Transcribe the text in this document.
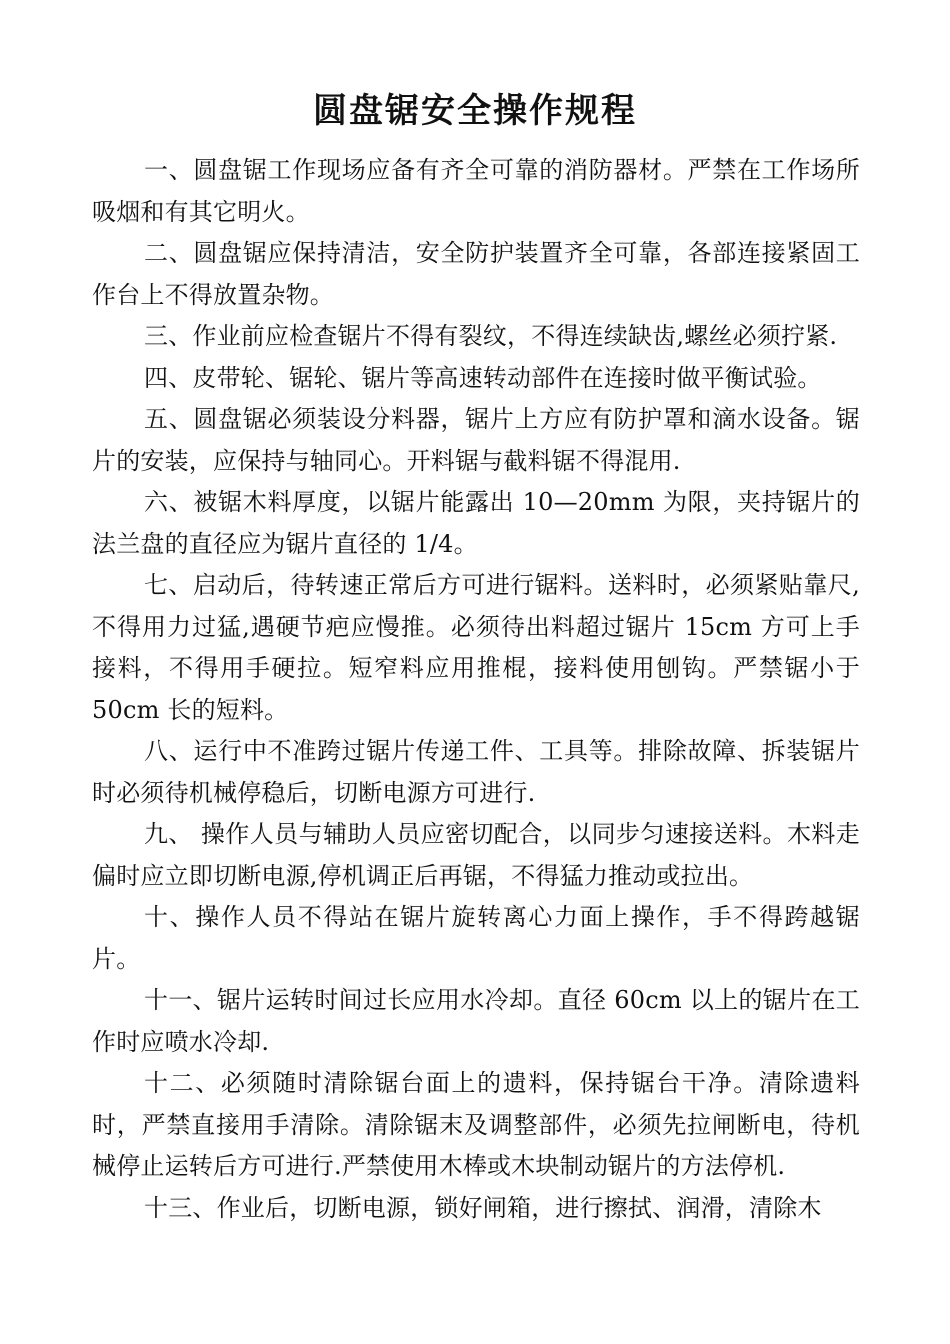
圆盘锯安全操作规程

一、圆盘锯工作现场应备有齐全可靠的消防器材。严禁在工作场所吸烟和有其它明火。

二、圆盘锯应保持清洁，安全防护装置齐全可靠，各部连接紧固工作台上不得放置杂物。

三、作业前应检查锯片不得有裂纹，不得连续缺齿,螺丝必须拧紧.

四、皮带轮、锯轮、锯片等高速转动部件在连接时做平衡试验。

五、圆盘锯必须装设分料器，锯片上方应有防护罩和滴水设备。锯片的安装，应保持与轴同心。开料锯与截料锯不得混用.

六、被锯木料厚度，以锯片能露出 10—20mm 为限，夹持锯片的法兰盘的直径应为锯片直径的 1/4。

七、启动后，待转速正常后方可进行锯料。送料时，必须紧贴靠尺,不得用力过猛,遇硬节疤应慢推。必须待出料超过锯片 15cm 方可上手接料，不得用手硬拉。短窄料应用推棍，接料使用刨钩。严禁锯小于 50cm 长的短料。

八、运行中不准跨过锯片传递工件、工具等。排除故障、拆装锯片时必须待机械停稳后，切断电源方可进行.

九、 操作人员与辅助人员应密切配合，以同步匀速接送料。木料走偏时应立即切断电源,停机调正后再锯，不得猛力推动或拉出。

十、操作人员不得站在锯片旋转离心力面上操作，手不得跨越锯片。

十一、锯片运转时间过长应用水冷却。直径 60cm 以上的锯片在工作时应喷水冷却.

十二、必须随时清除锯台面上的遗料，保持锯台干净。清除遗料时，严禁直接用手清除。清除锯末及调整部件，必须先拉闸断电，待机械停止运转后方可进行.严禁使用木棒或木块制动锯片的方法停机.

十三、作业后，切断电源，锁好闸箱，进行擦拭、润滑，清除木
